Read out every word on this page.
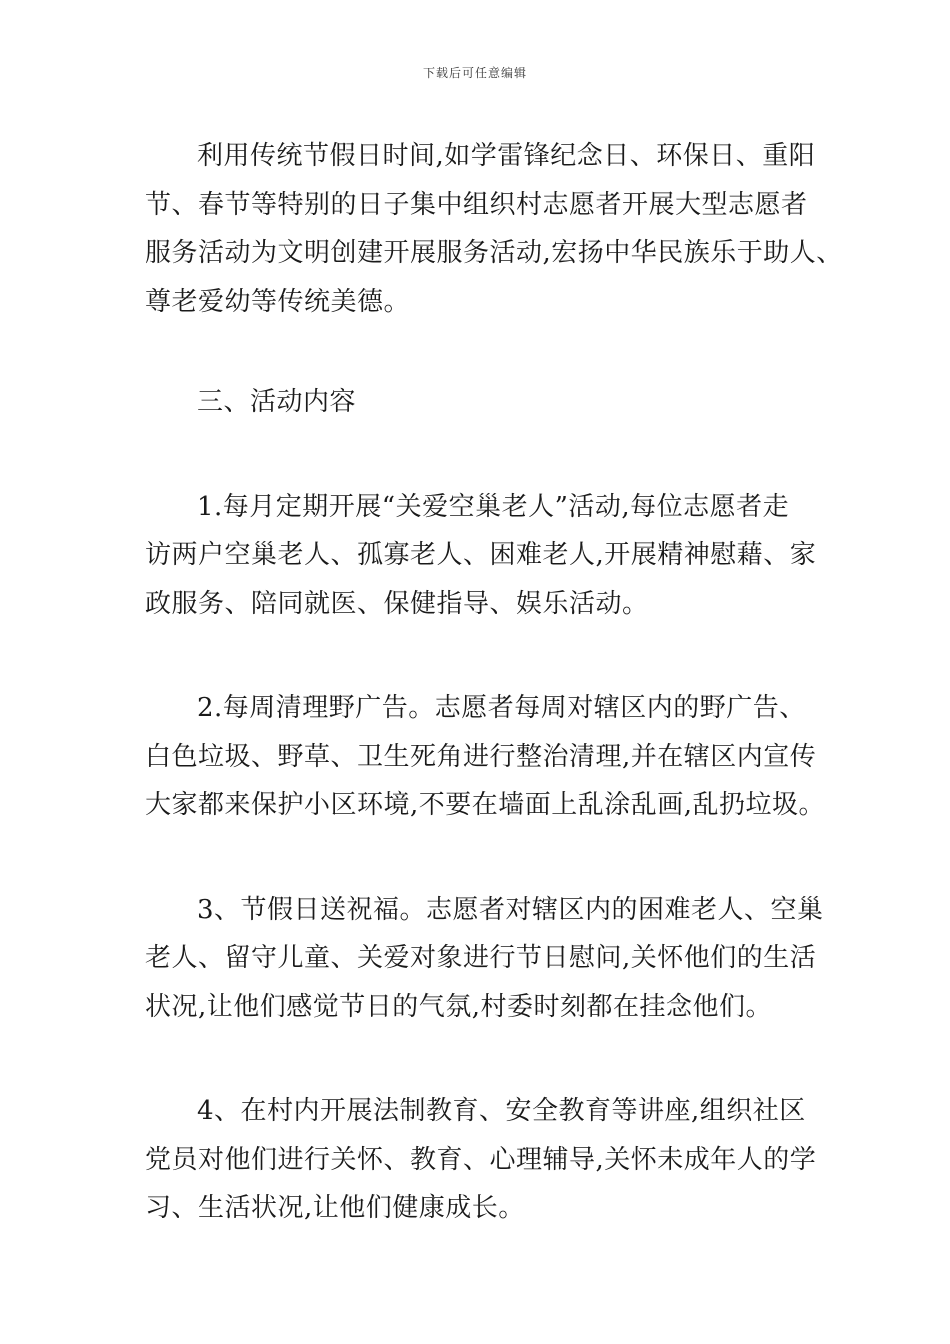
下载后可任意编辑

利用传统节假日时间,如学雷锋纪念日、环保日、重阳
节、春节等特别的日子集中组织村志愿者开展大型志愿者
服务活动为文明创建开展服务活动,宏扬中华民族乐于助人、
尊老爱幼等传统美德。

三、活动内容

1.每月定期开展“关爱空巢老人”活动,每位志愿者走
访两户空巢老人、孤寡老人、困难老人,开展精神慰藉、家
政服务、陪同就医、保健指导、娱乐活动。

2.每周清理野广告。志愿者每周对辖区内的野广告、
白色垃圾、野草、卫生死角进行整治清理,并在辖区内宣传
大家都来保护小区环境,不要在墙面上乱涂乱画,乱扔垃圾。

3、节假日送祝福。志愿者对辖区内的困难老人、空巢
老人、留守儿童、关爱对象进行节日慰问,关怀他们的生活
状况,让他们感觉节日的气氛,村委时刻都在挂念他们。

4、在村内开展法制教育、安全教育等讲座,组织社区
党员对他们进行关怀、教育、心理辅导,关怀未成年人的学
习、生活状况,让他们健康成长。
